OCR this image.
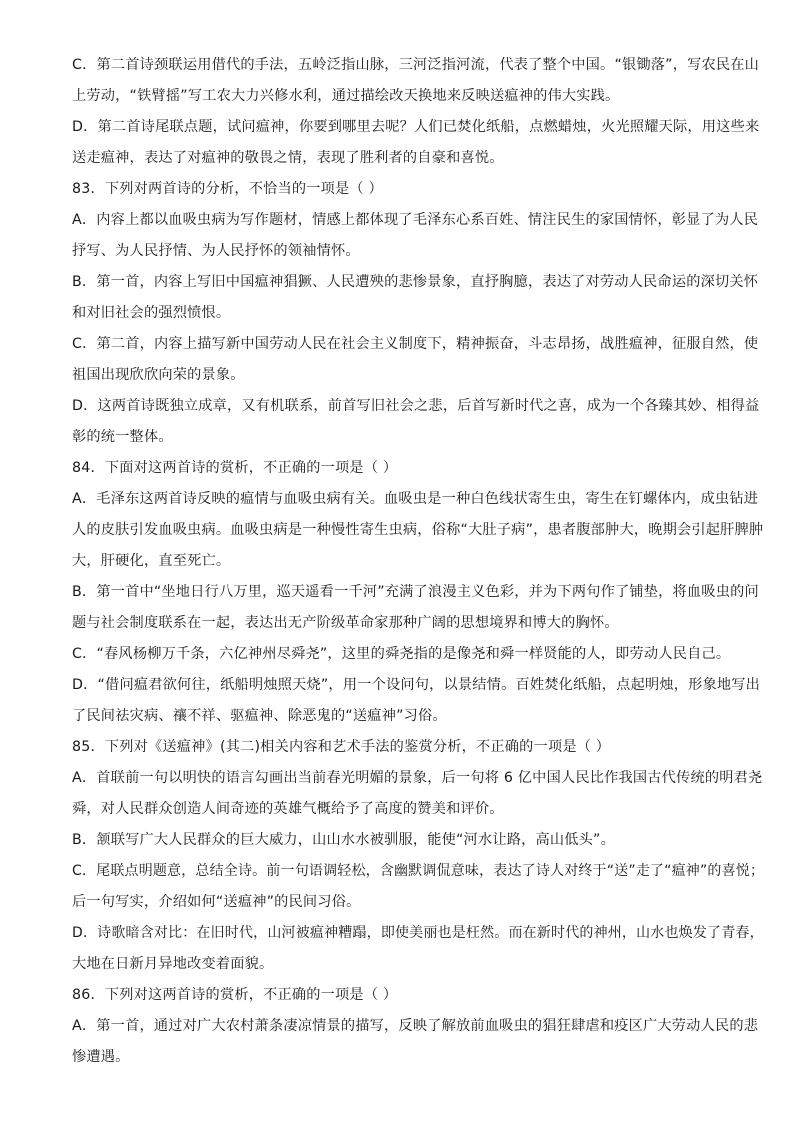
C．第二首诗颈联运用借代的手法，五岭泛指山脉，三河泛指河流，代表了整个中国。“银锄落”，写农民在山
上劳动，“铁臂摇”写工农大力兴修水利，通过描绘改天换地来反映送瘟神的伟大实践。
D．第二首诗尾联点题，试问瘟神，你要到哪里去呢？人们已焚化纸船，点燃蜡烛，火光照耀天际，用这些来
送走瘟神，表达了对瘟神的敬畏之情，表现了胜利者的自豪和喜悦。
83．下列对两首诗的分析，不恰当的一项是（ ）
A．内容上都以血吸虫病为写作题材，情感上都体现了毛泽东心系百姓、情注民生的家国情怀，彰显了为人民
抒写、为人民抒情、为人民抒怀的领袖情怀。
B．第一首，内容上写旧中国瘟神猖獗、人民遭殃的悲惨景象，直抒胸臆，表达了对劳动人民命运的深切关怀
和对旧社会的强烈愤恨。
C．第二首，内容上描写新中国劳动人民在社会主义制度下，精神振奋，斗志昂扬，战胜瘟神，征服自然，使
祖国出现欣欣向荣的景象。
D．这两首诗既独立成章，又有机联系，前首写旧社会之悲，后首写新时代之喜，成为一个各臻其妙、相得益
彰的统一整体。
84．下面对这两首诗的赏析，不正确的一项是（ ）
A．毛泽东这两首诗反映的瘟情与血吸虫病有关。血吸虫是一种白色线状寄生虫，寄生在钉螺体内，成虫钻进
人的皮肤引发血吸虫病。血吸虫病是一种慢性寄生虫病，俗称“大肚子病”，患者腹部肿大，晚期会引起肝脾肿
大，肝硬化，直至死亡。
B．第一首中“坐地日行八万里，巡天遥看一千河”充满了浪漫主义色彩，并为下两句作了铺垫，将血吸虫的问
题与社会制度联系在一起，表达出无产阶级革命家那种广阔的思想境界和博大的胸怀。
C．“春风杨柳万千条，六亿神州尽舜尧”，这里的舜尧指的是像尧和舜一样贤能的人，即劳动人民自己。
D．“借问瘟君欲何往，纸船明烛照天烧”，用一个设问句，以景结情。百姓焚化纸船，点起明烛，形象地写出
了民间祛灾病、禳不祥、驱瘟神、除恶鬼的“送瘟神”习俗。
85．下列对《送瘟神》(其二)相关内容和艺术手法的鉴赏分析，不正确的一项是（ ）
A．首联前一句以明快的语言勾画出当前春光明媚的景象，后一句将 6 亿中国人民比作我国古代传统的明君尧
舜，对人民群众创造人间奇迹的英雄气概给予了高度的赞美和评价。
B．颔联写广大人民群众的巨大威力，山山水水被驯服，能使“河水让路，高山低头”。
C．尾联点明题意，总结全诗。前一句语调轻松，含幽默调侃意味，表达了诗人对终于“送”走了“瘟神”的喜悦；
后一句写实，介绍如何“送瘟神”的民间习俗。
D．诗歌暗含对比：在旧时代，山河被瘟神糟蹋，即使美丽也是枉然。而在新时代的神州，山水也焕发了青春，
大地在日新月异地改变着面貌。
86．下列对这两首诗的赏析，不正确的一项是（ ）
A．第一首，通过对广大农村萧条凄凉情景的描写，反映了解放前血吸虫的猖狂肆虐和疫区广大劳动人民的悲
惨遭遇。
